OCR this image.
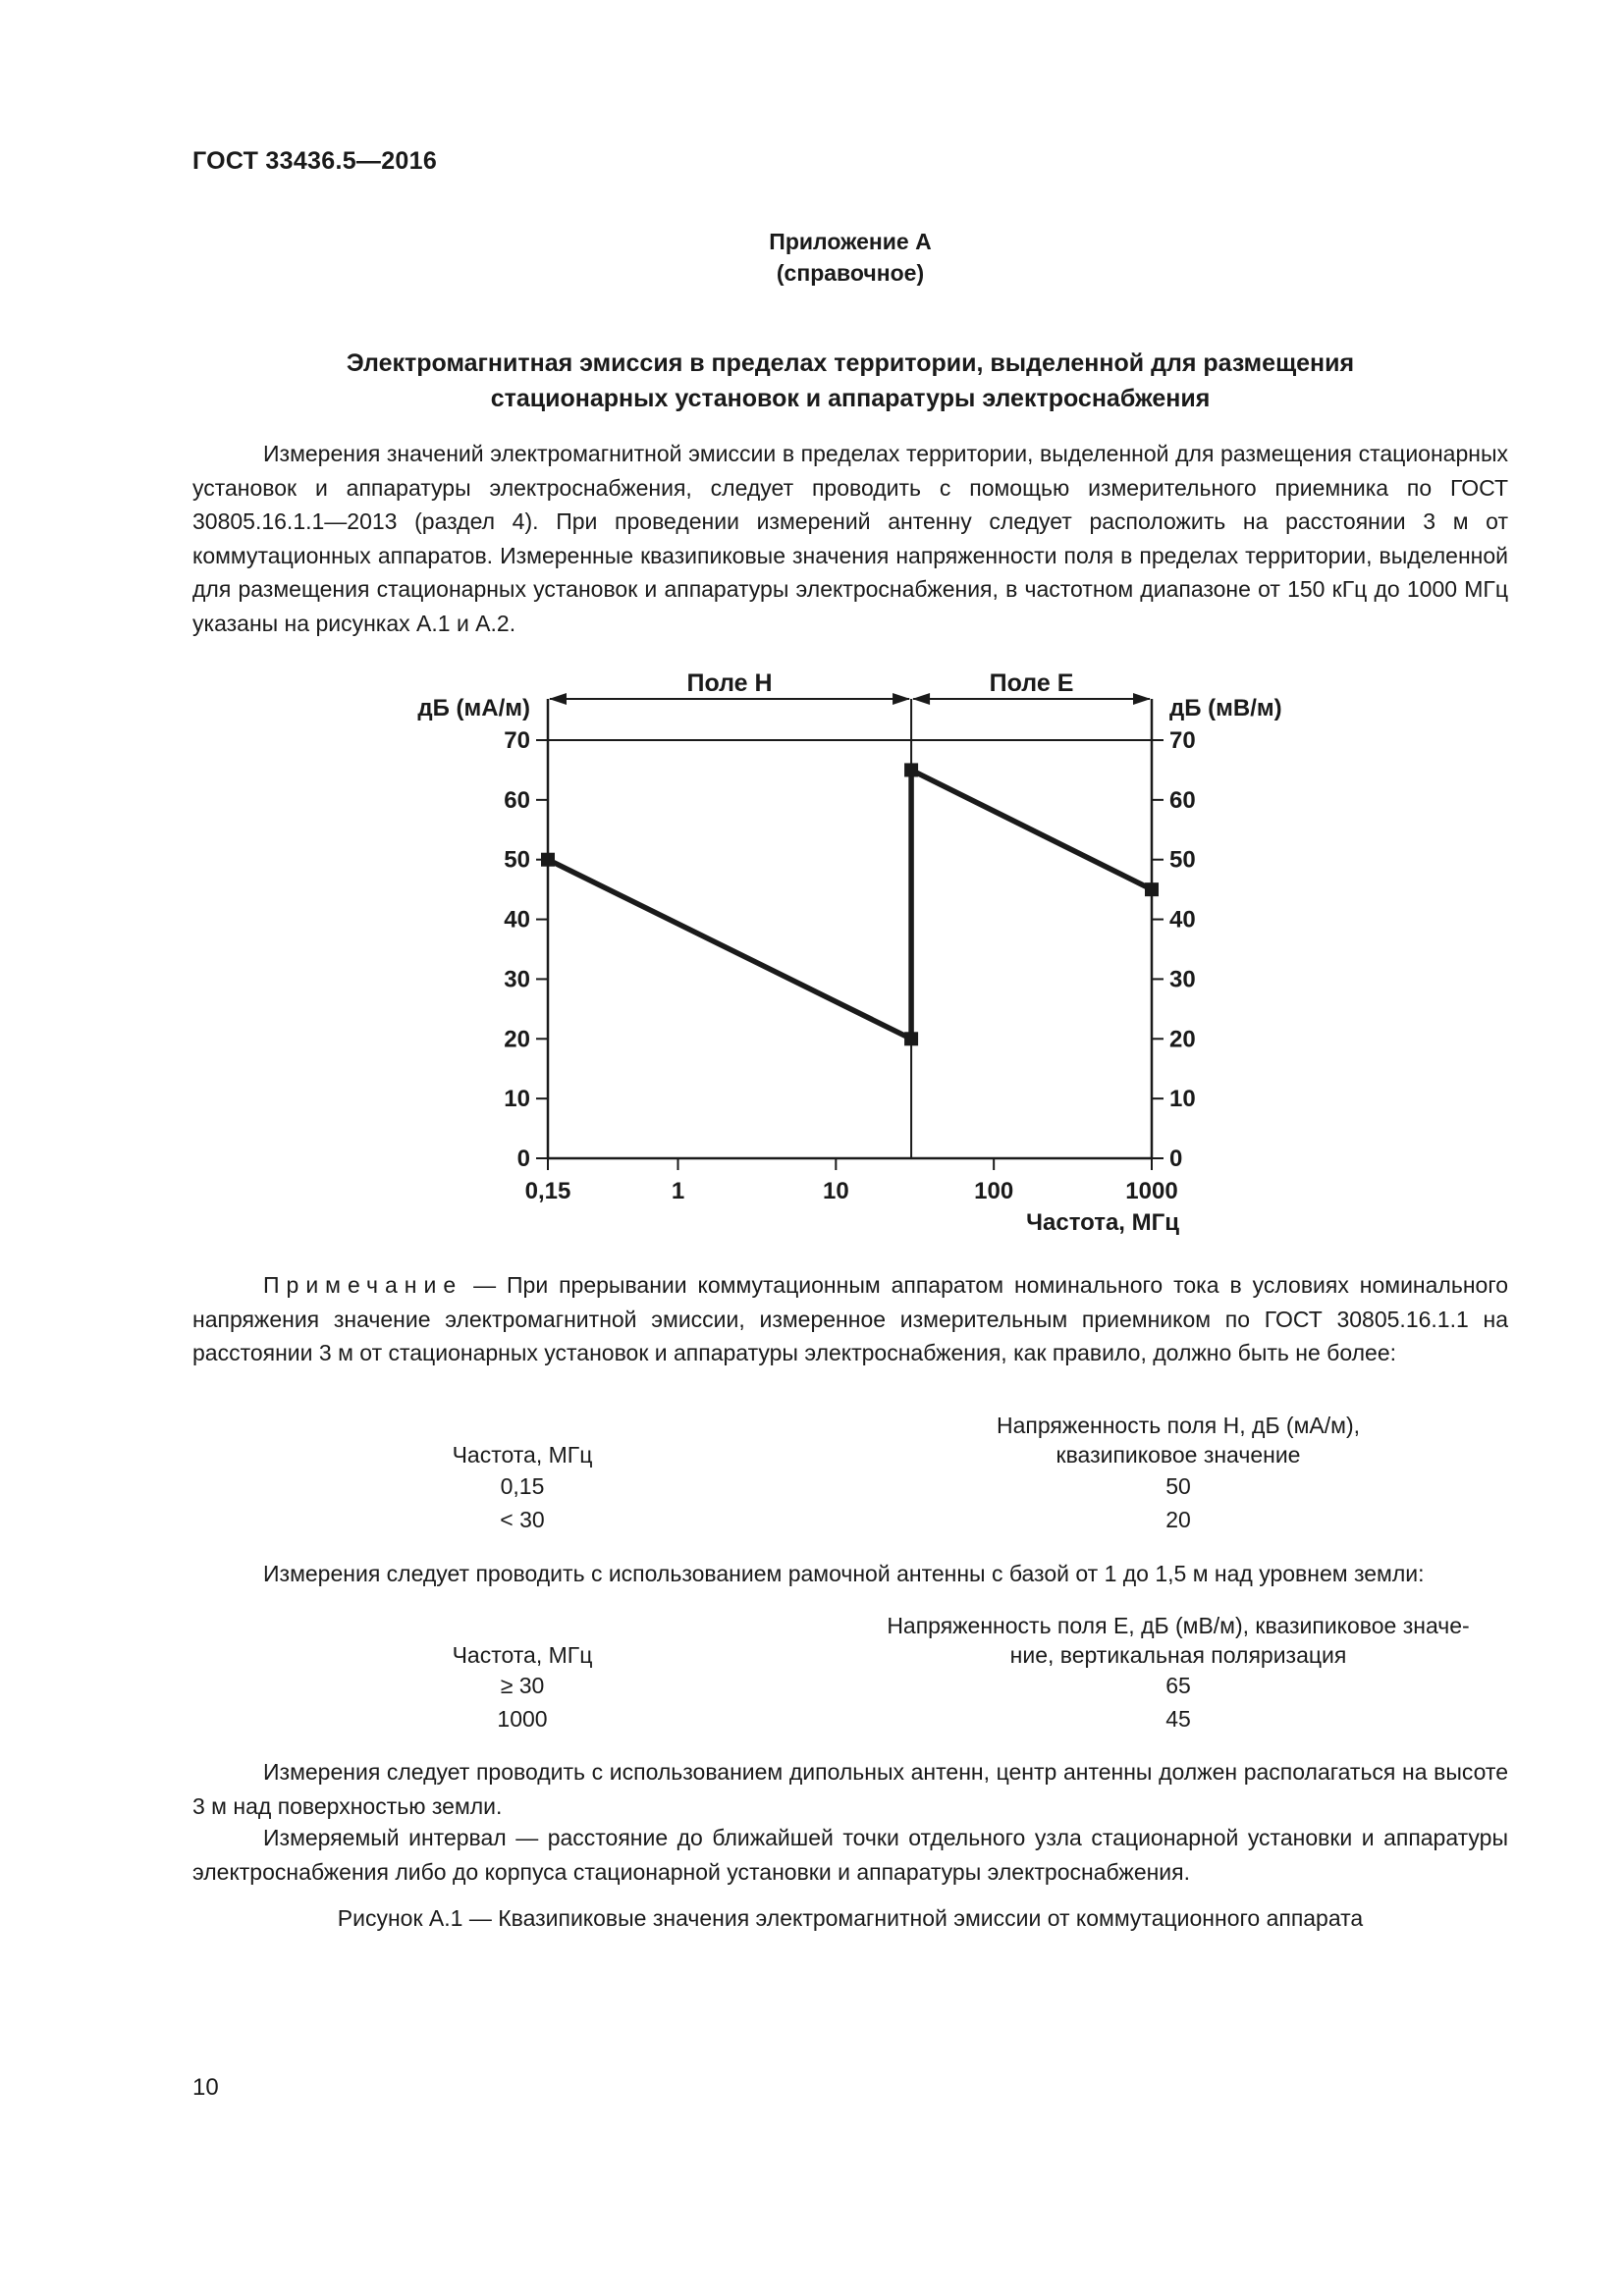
ГОСТ 33436.5—2016
Приложение А
(справочное)
Электромагнитная эмиссия в пределах территории, выделенной для размещения
стационарных установок и аппаратуры электроснабжения

Измерения значений электромагнитной эмиссии в пределах территории, выделенной для размещения стационарных установок и аппаратуры электроснабжения, следует проводить с помощью измерительного приемника по ГОСТ 30805.16.1.1—2013 (раздел 4). При проведении измерений антенну следует расположить на расстоянии 3 м от коммутационных аппаратов. Измеренные квазипиковые значения напряженности поля в пределах территории, выделенной для размещения стационарных установок и аппаратуры электроснабжения, в частотном диапазоне от 150 кГц до 1000 МГц указаны на рисунках А.1 и А.2.

0	0
10	10
20	20
30	30
40	40
50	50
60	60
70	70
0,15	1	10	100	1000
дБ (мА/м)	дБ (мВ/м)
Частота, МГц
Поле H	Поле E

Примечание — При прерывании коммутационным аппаратом номинального тока в условиях номинального напряжения значение электромагнитной эмиссии, измеренное измерительным приемником по ГОСТ 30805.16.1.1 на расстоянии 3 м от стационарных установок и аппаратуры электроснабжения, как правило, должно быть не более:

Частота, МГц
Напряженность поля H, дБ (мА/м),
квазипиковое значение
0,15	50
< 30	20

Измерения следует проводить с использованием рамочной антенны с базой от 1 до 1,5 м над уровнем земли:

Частота, МГц
Напряженность поля E, дБ (мВ/м), квазипиковое значе-
ние, вертикальная поляризация
≥ 30	65
1000	45

Измерения следует проводить с использованием дипольных антенн, центр антенны должен располагаться на высоте 3 м над поверхностью земли.

Измеряемый интервал — расстояние до ближайшей точки отдельного узла стационарной установки и аппаратуры электроснабжения либо до корпуса стационарной установки и аппаратуры электроснабжения.

Рисунок А.1 — Квазипиковые значения электромагнитной эмиссии от коммутационного аппарата
10
